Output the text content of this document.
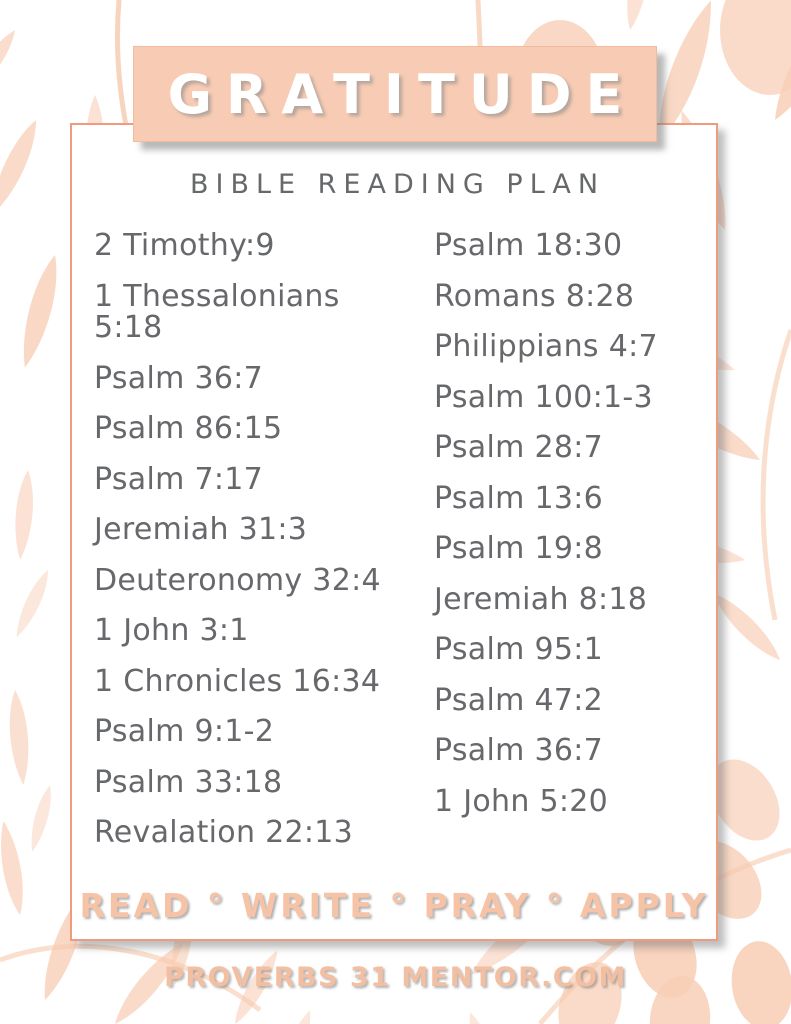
GRATITUDE
BIBLE READING PLAN
2 Timothy:9
1 Thessalonians 5:18
Psalm 36:7
Psalm 86:15
Psalm 7:17
Jeremiah 31:3
Deuteronomy 32:4
1 John 3:1
1 Chronicles 16:34
Psalm 9:1-2
Psalm 33:18
Revalation 22:13
Psalm 18:30
Romans 8:28
Philippians 4:7
Psalm 100:1-3
Psalm 28:7
Psalm 13:6
Psalm 19:8
Jeremiah 8:18
Psalm 95:1
Psalm 47:2
Psalm 36:7
1 John 5:20
READ ° WRITE ° PRAY ° APPLY
PROVERBS 31 MENTOR.COM
